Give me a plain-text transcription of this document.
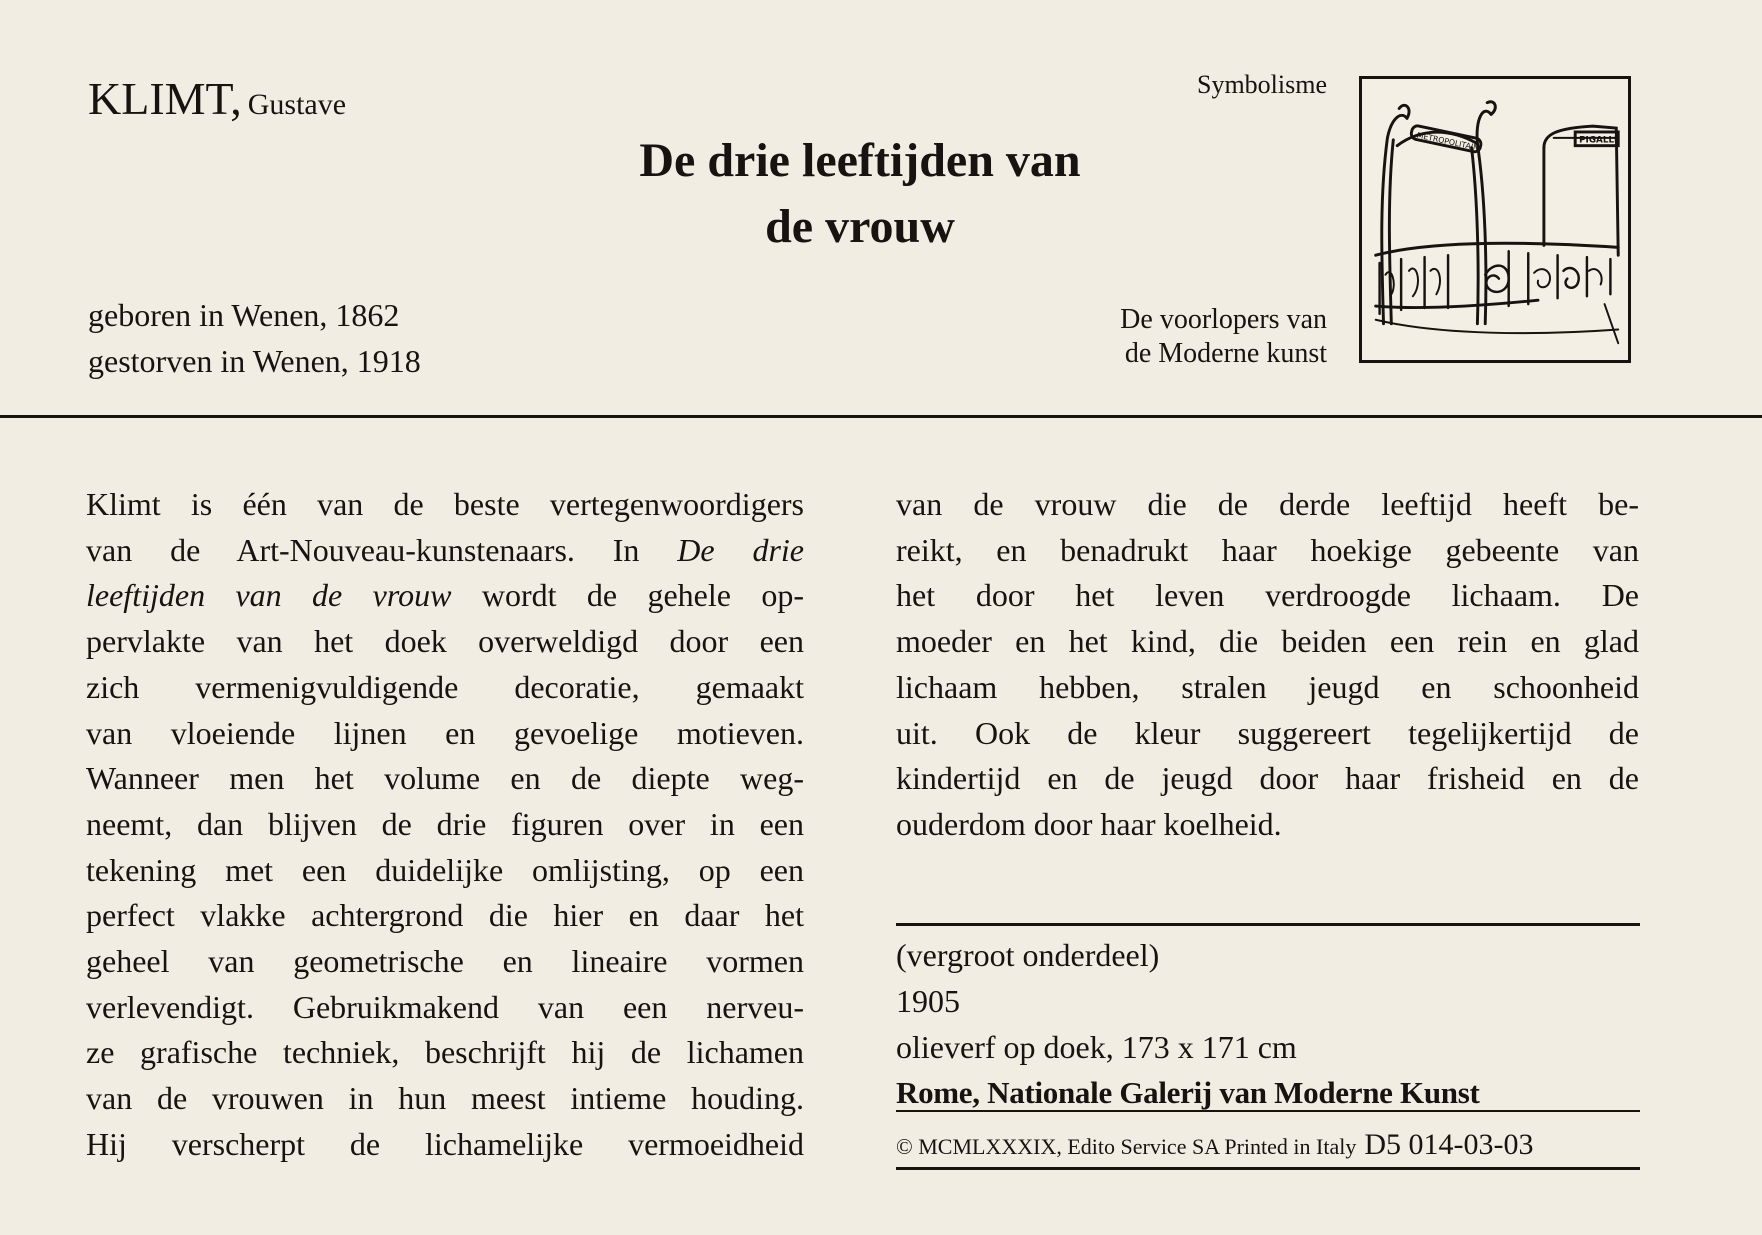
KLIMT, Gustave
De drie leeftijden van
de vrouw
Symbolisme
geboren in Wenen, 1862
gestorven in Wenen, 1918
De voorlopers van
de Moderne kunst
METROPOLITAIN	PIGALLE
Klimt is één van de beste vertegenwoordigers
van de Art-Nouveau-kunstenaars. In De drie
leeftijden van de vrouw wordt de gehele op-
pervlakte van het doek overweldigd door een
zich vermenigvuldigende decoratie, gemaakt
van vloeiende lijnen en gevoelige motieven.
Wanneer men het volume en de diepte weg-
neemt, dan blijven de drie figuren over in een
tekening met een duidelijke omlijsting, op een
perfect vlakke achtergrond die hier en daar het
geheel van geometrische en lineaire vormen
verlevendigt. Gebruikmakend van een nerveu-
ze grafische techniek, beschrijft hij de lichamen
van de vrouwen in hun meest intieme houding.
Hij verscherpt de lichamelijke vermoeidheid
van de vrouw die de derde leeftijd heeft be-
reikt, en benadrukt haar hoekige gebeente van
het door het leven verdroogde lichaam. De
moeder en het kind, die beiden een rein en glad
lichaam hebben, stralen jeugd en schoonheid
uit. Ook de kleur suggereert tegelijkertijd de
kindertijd en de jeugd door haar frisheid en de
ouderdom door haar koelheid.
(vergroot onderdeel)
1905
olieverf op doek, 173 x 171 cm
Rome, Nationale Galerij van Moderne Kunst
© MCMLXXXIX, Edito Service SA Printed in Italy D5 014-03-03
